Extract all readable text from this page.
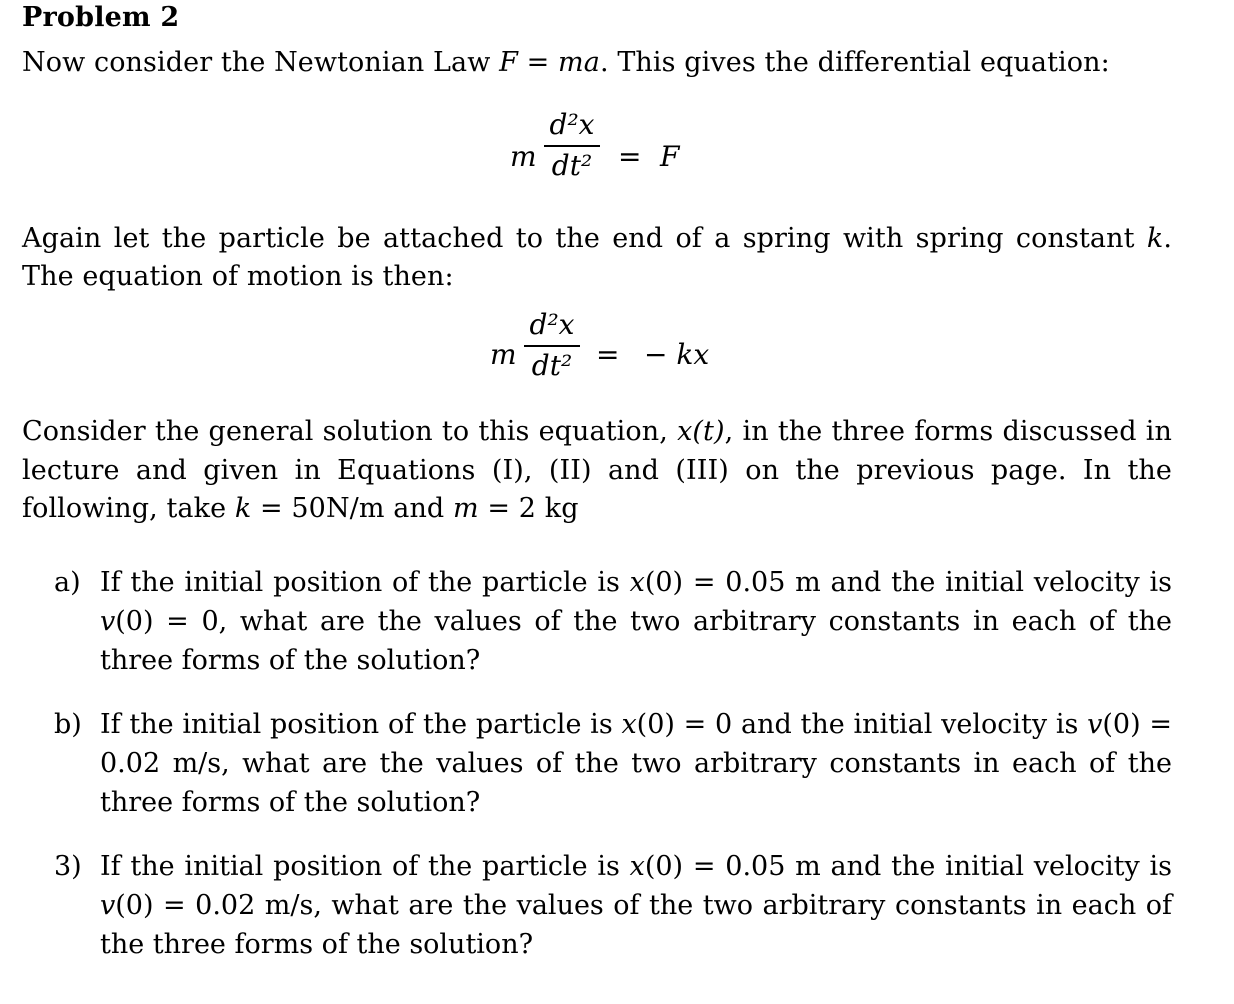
Problem 2
Now consider the Newtonian Law F = ma. This gives the differential equation:
m
d²x
dt² = F
Again let the particle be attached to the end of a spring with spring constant k. The equation of motion is then:
m
d²x
dt² = − kx
Consider the general solution to this equation, x(t), in the three forms discussed in lecture and given in Equations (I), (II) and (III) on the previous page. In the following, take k = 50N/m and m = 2 kg
a) If the initial position of the particle is x(0) = 0.05 m and the initial velocity is v(0) = 0, what are the values of the two arbitrary constants in each of the three forms of the solution?
b) If the initial position of the particle is x(0) = 0 and the initial velocity is v(0) = 0.02 m/s, what are the values of the two arbitrary constants in each of the three forms of the solution?
3) If the initial position of the particle is x(0) = 0.05 m and the initial velocity is v(0) = 0.02 m/s, what are the values of the two arbitrary constants in each of the three forms of the solution?
